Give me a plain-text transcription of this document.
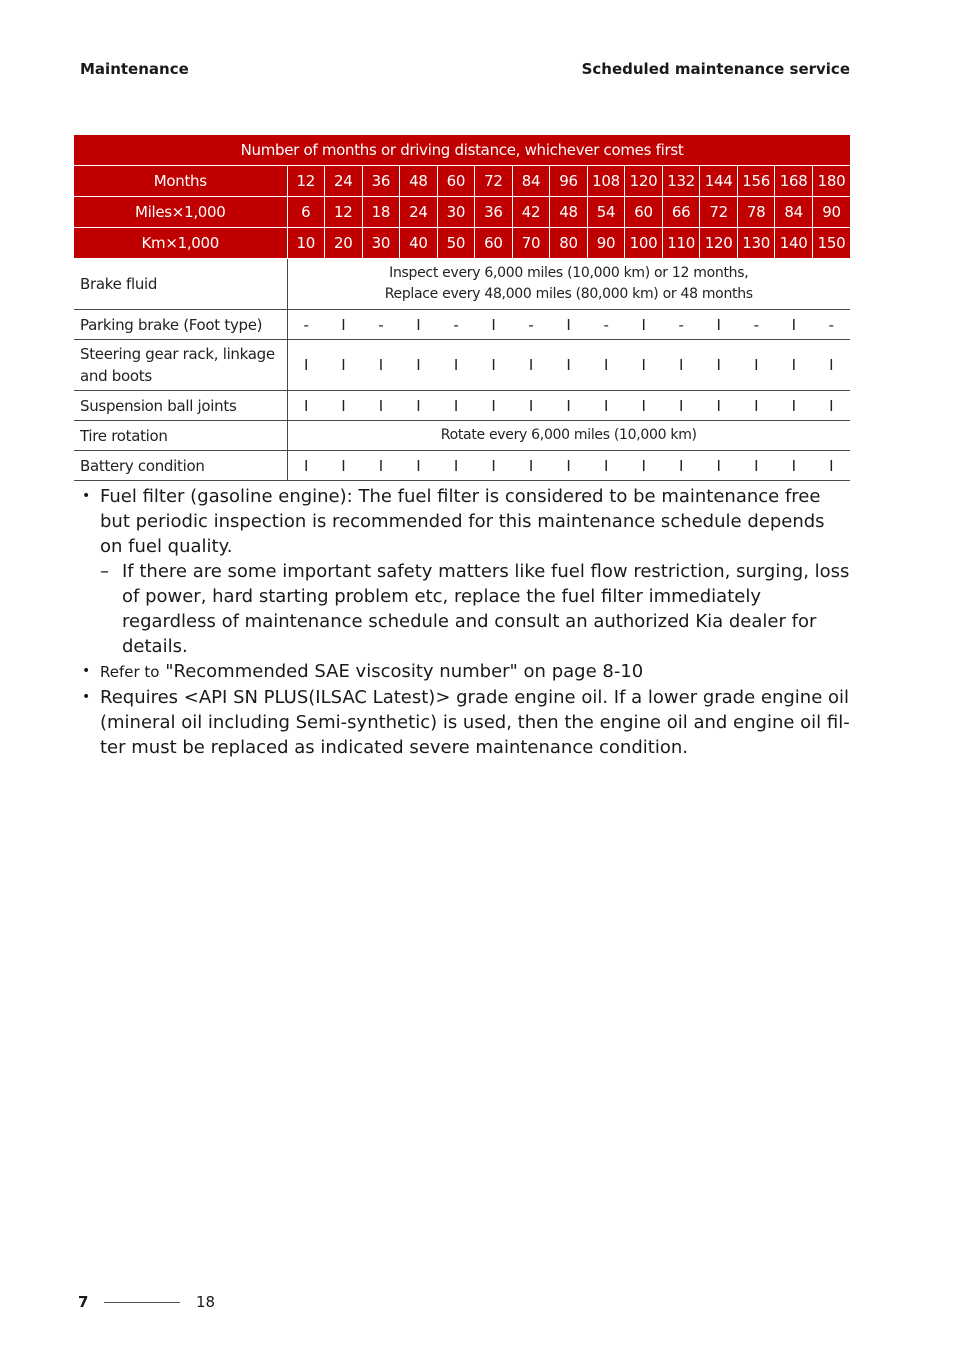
Maintenance	Scheduled maintenance service
Number of months or driving distance, whichever comes first															
Months	12	24	36	48	60	72	84	96	108	120	132	144	156	168	180
Miles×1,000	6	12	18	24	30	36	42	48	54	60	66	72	78	84	90
Km×1,000	10	20	30	40	50	60	70	80	90	100	110	120	130	140	150
Brake fluid	Inspect every 6,000 miles (10,000 km) or 12 months,
Replace every 48,000 miles (80,000 km) or 48 months														

Parking brake (Foot type)	-	I	-	I	-	I	-	I	-	I	-	I	-	I	-

Steering gear rack, linkage
and boots	I	I	I	I	I	I	I	I	I	I	I	I	I	I	I
Suspension ball joints	I	I	I	I	I	I	I	I	I	I	I	I	I	I	I
Tire rotation	Rotate every 6,000 miles (10,000 km)														
Battery condition	I	I	I	I	I	I	I	I	I	I	I	I	I	I	I
• Fuel filter (gasoline engine): The fuel filter is considered to be maintenance free but periodic inspection is recommended for this maintenance schedule depends on fuel quality.
– If there are some important safety matters like fuel flow restriction, surging, loss of power, hard starting problem etc, replace the fuel filter immediately regardless of maintenance schedule and consult an authorized Kia dealer for details.
• Refer to "Recommended SAE viscosity number" on page 8-10
• Requires <API SN PLUS(ILSAC Latest)> grade engine oil. If a lower grade engine oil (mineral oil including Semi-synthetic) is used, then the engine oil and engine oil fil-ter must be replaced as indicated severe maintenance condition.
7	18
